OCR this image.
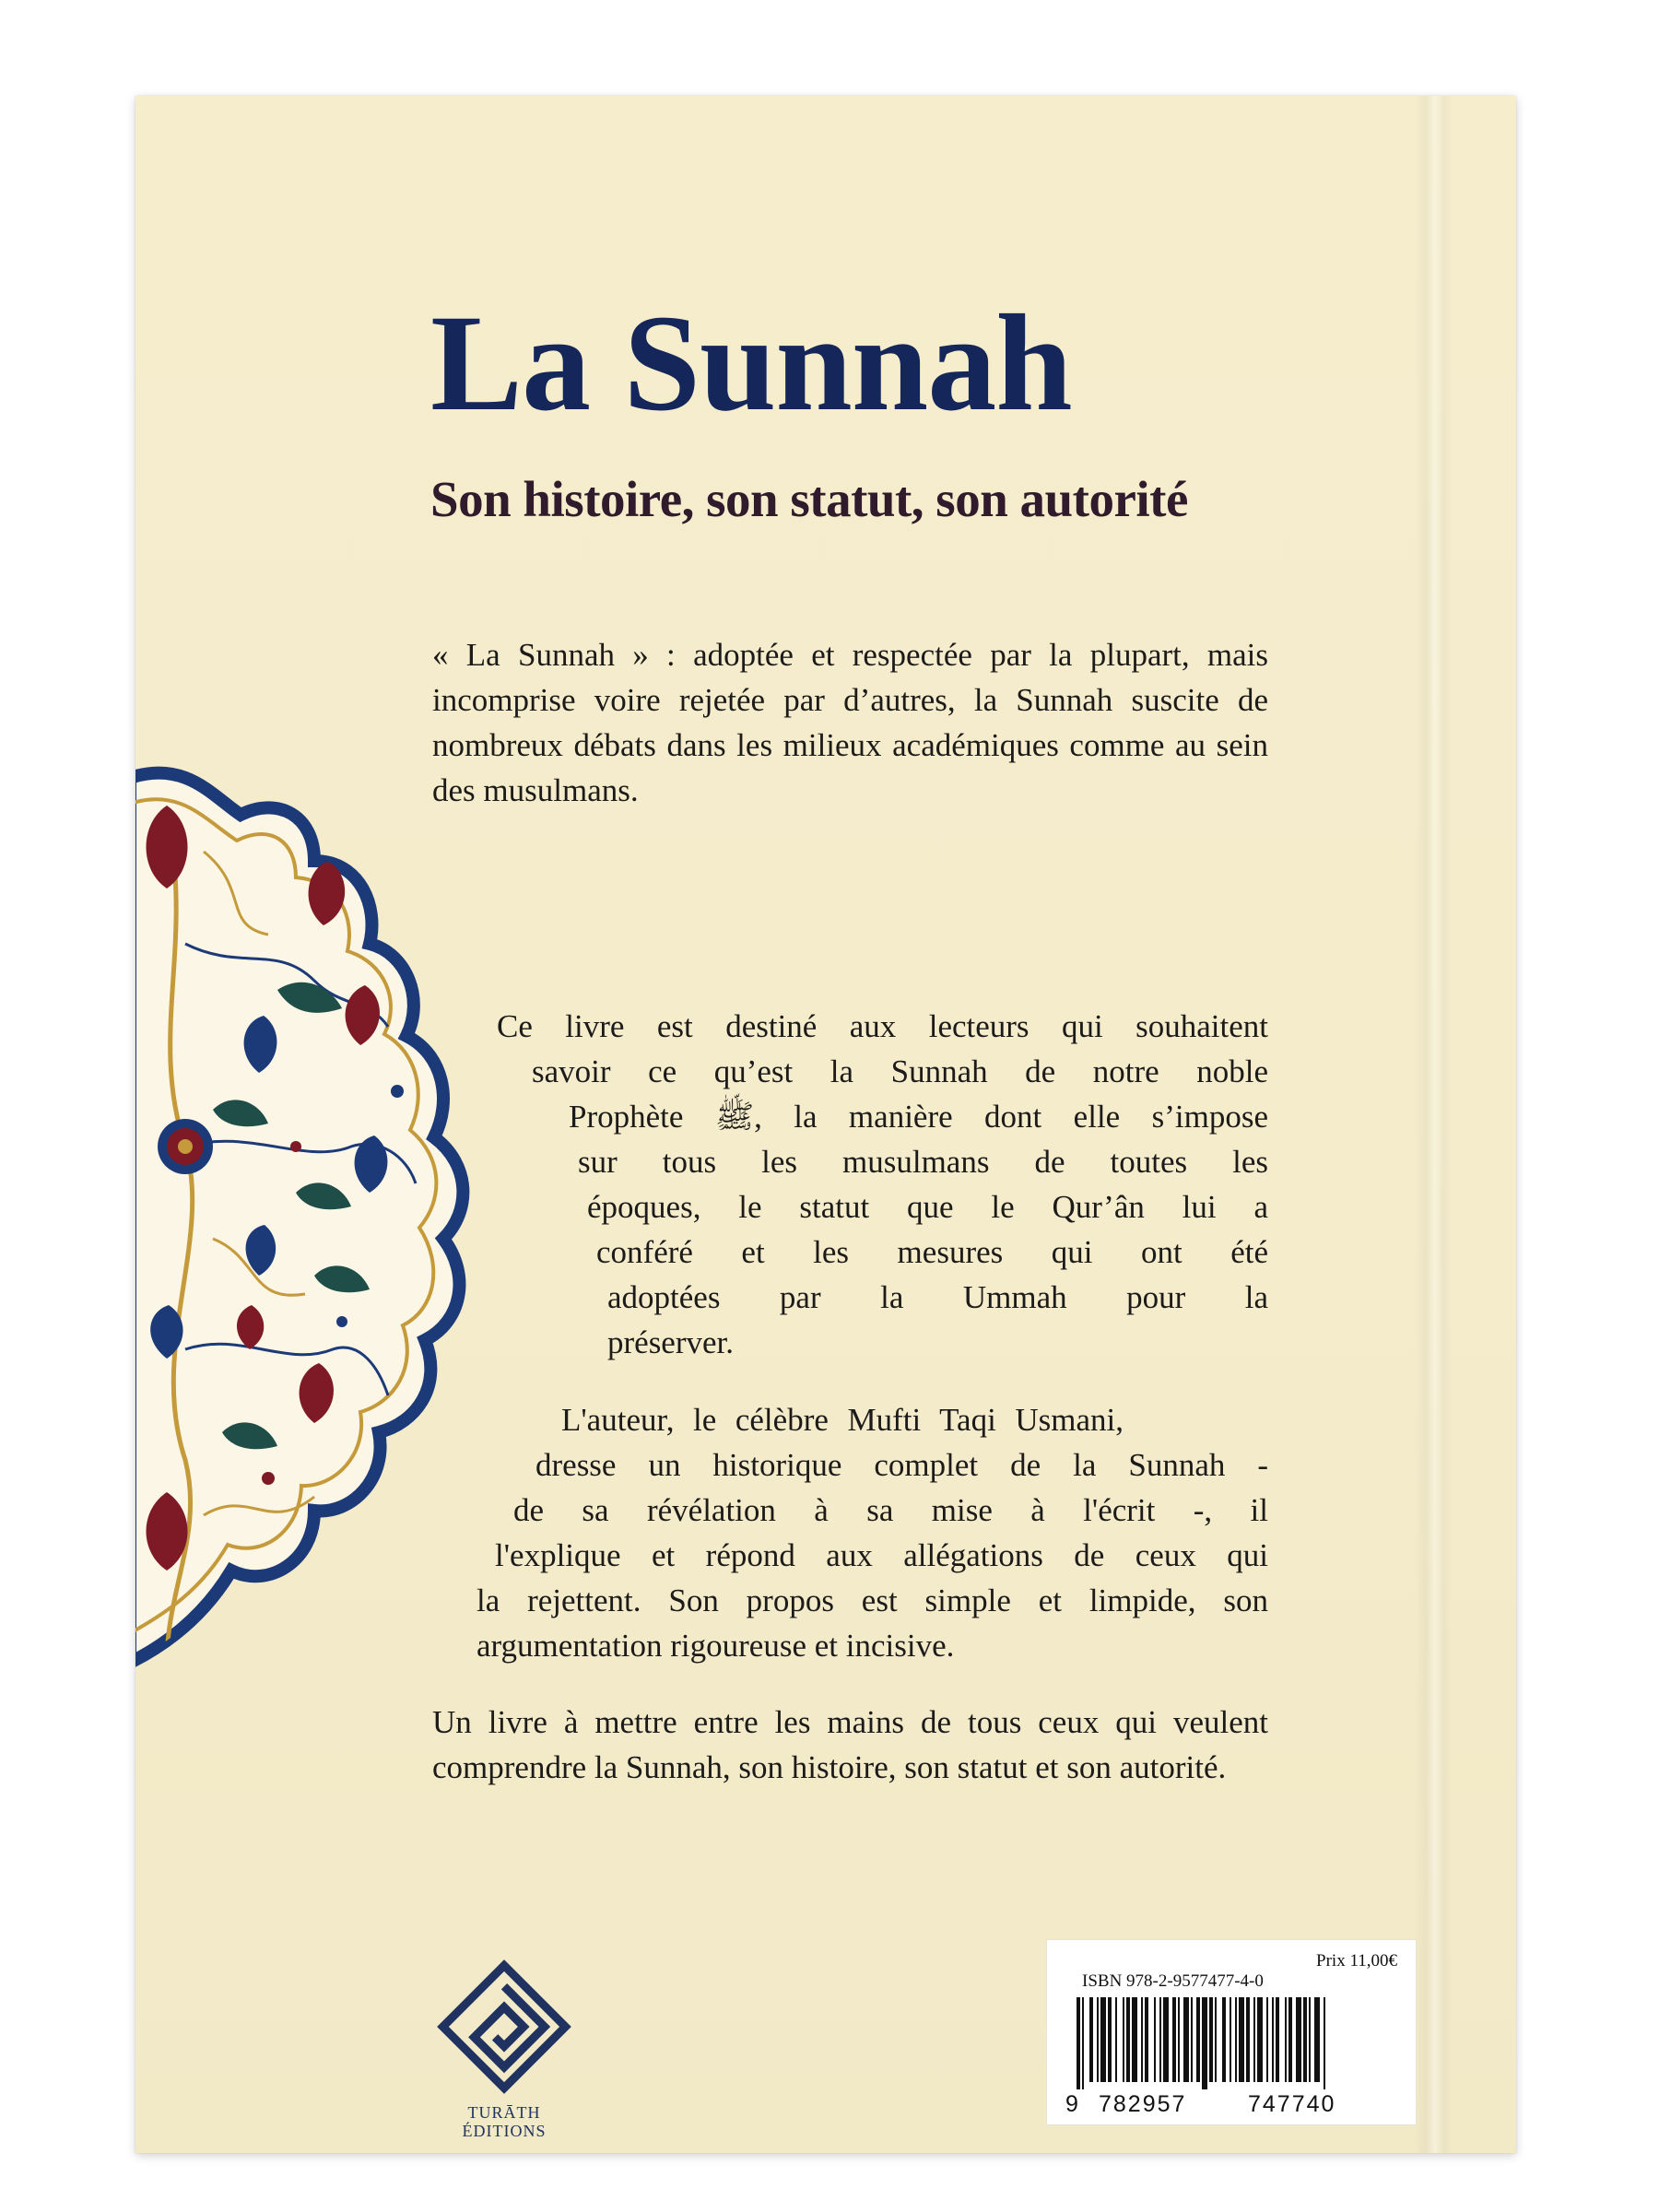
La Sunnah
Son histoire, son statut, son autorité

« La Sunnah » : adoptée et respectée par la plupart, mais incomprise voire rejetée par d’autres, la Sunnah suscite de nombreux débats dans les milieux académiques comme au sein des musulmans.

Ce livre est destiné aux lecteurs qui souhaitent
savoir ce qu’est la Sunnah de notre noble
Prophète ﷺ, la manière dont elle s’impose
sur tous les musulmans de toutes les
époques, le statut que le Qur’ân lui a
conféré et les mesures qui ont été
adoptées par la Ummah pour la
préserver.
L'auteur, le célèbre Mufti Taqi Usmani,
dresse un historique complet de la Sunnah -
de sa révélation à sa mise à l'écrit -, il
l'explique et répond aux allégations de ceux qui
la rejettent. Son propos est simple et limpide, son
argumentation rigoureuse et incisive.

Un livre à mettre entre les mains de tous ceux qui veulent comprendre la Sunnah, son histoire, son statut et son autorité.

TURĀTH
ÉDITIONS
Prix 11,00€
ISBN 978-2-9577477-4-0
9 782957	747740
